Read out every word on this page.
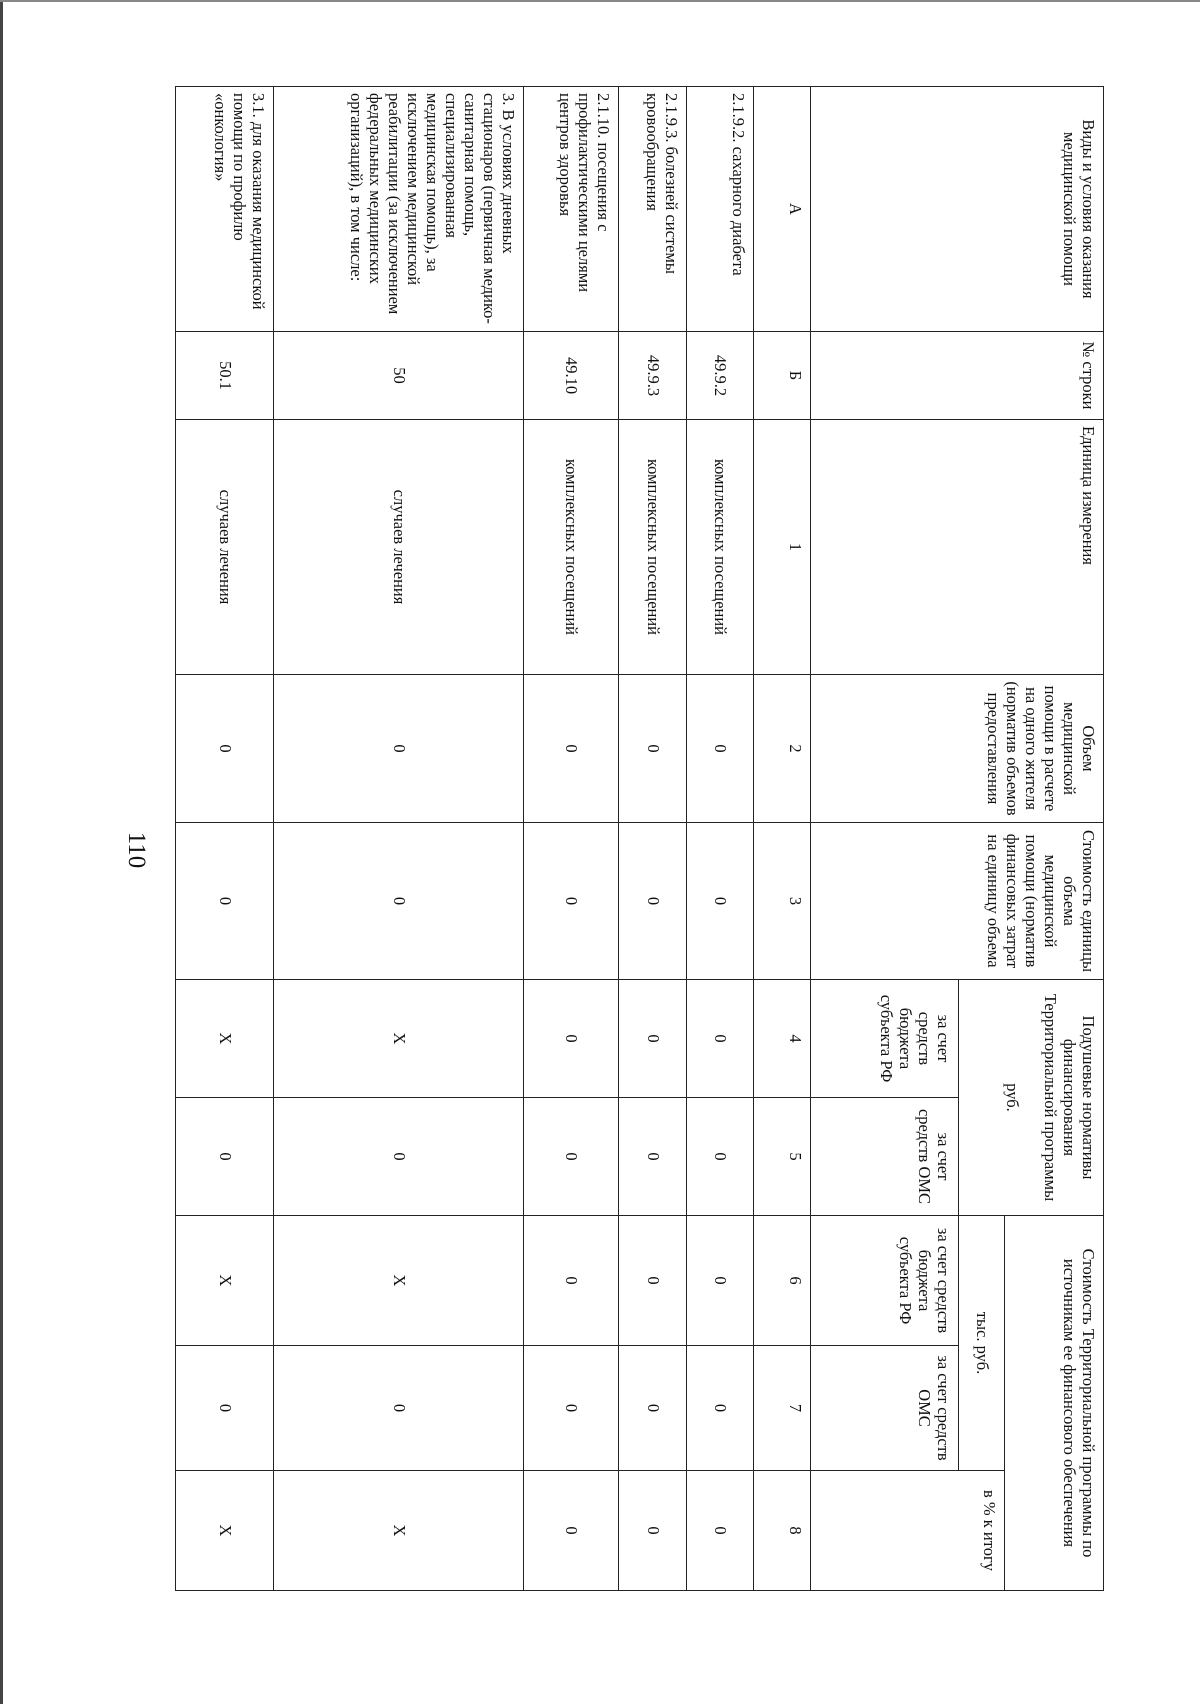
110
Виды и условия оказания медицинской помощи	№ строки	Единица измерения	Объем медицинской помощи в расчете на одного жителя (норматив объемов предоставления	Стоимость единицы объема медицинской помощи (норматив финансовых затрат на единицу объема	Подушевые нормативы финансирования Территориальной программы

руб.		Стоимость Территориальной программы по источникам ее финансового обеспечения		
							тыс. руб.		в % к итогу
					за счет средств бюджета субъекта РФ	за счет средств ОМС	за счет средств бюджета субъекта РФ	за счет средств ОМС	
А	Б	1	2	3	4	5	6	7	8
2.1.9.2. сахарного диабета	49.9.2	комплексных посещений	0	0	0	0	0	0	0
2.1.9.3. болезней системы кровообращения	49.9.3	комплексных посещений	0	0	0	0	0	0	0
2.1.10. посещения с профилактическими целями центров здоровья	49.10	комплексных посещений	0	0	0	0	0	0	0
3. В условиях дневных стационаров (первичная медико-санитарная помощь, специализированная медицинская помощь), за исключением медицинской реабилитации (за исключением федеральных медицинских организаций), в том числе:	50	случаев лечения	0	0	Х	0	Х	0	Х
3.1. для оказания медицинской помощи по профилю «онкология»	50.1	случаев лечения	0	0	Х	0	Х	0	Х
